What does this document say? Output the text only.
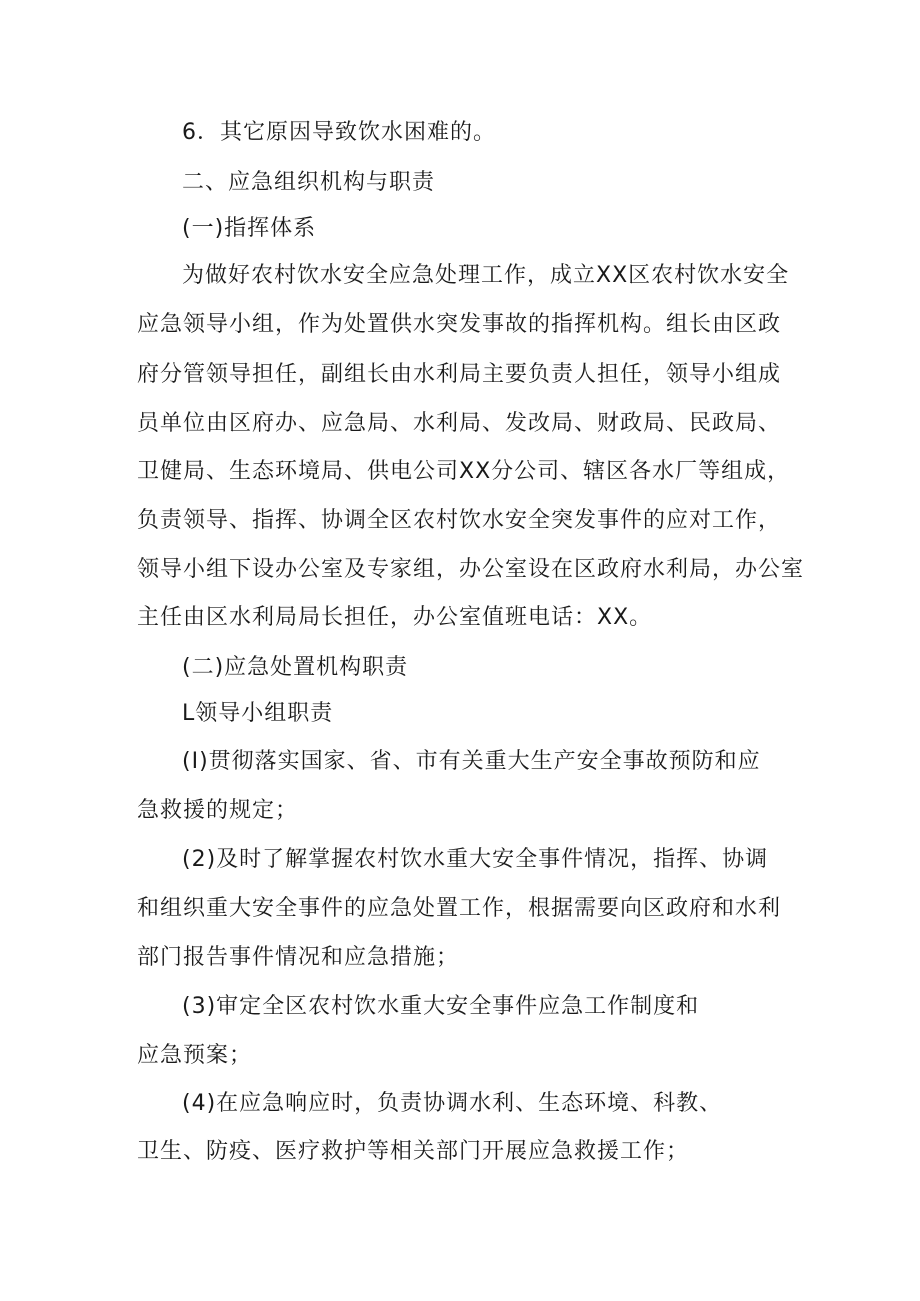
6．其它原因导致饮水困难的。
二、应急组织机构与职责
(一)指挥体系
为做好农村饮水安全应急处理工作，成立XX区农村饮水安全
应急领导小组，作为处置供水突发事故的指挥机构。组长由区政
府分管领导担任，副组长由水利局主要负责人担任，领导小组成
员单位由区府办、应急局、水利局、发改局、财政局、民政局、
卫健局、生态环境局、供电公司XX分公司、辖区各水厂等组成，
负责领导、指挥、协调全区农村饮水安全突发事件的应对工作，
领导小组下设办公室及专家组，办公室设在区政府水利局，办公室
主任由区水利局局长担任，办公室值班电话：XX。
(二)应急处置机构职责
L领导小组职责
(I)贯彻落实国家、省、市有关重大生产安全事故预防和应
急救援的规定；
(2)及时了解掌握农村饮水重大安全事件情况，指挥、协调
和组织重大安全事件的应急处置工作，根据需要向区政府和水利
部门报告事件情况和应急措施；
(3)审定全区农村饮水重大安全事件应急工作制度和
应急预案；
(4)在应急响应时，负责协调水利、生态环境、科教、
卫生、防疫、医疗救护等相关部门开展应急救援工作；
